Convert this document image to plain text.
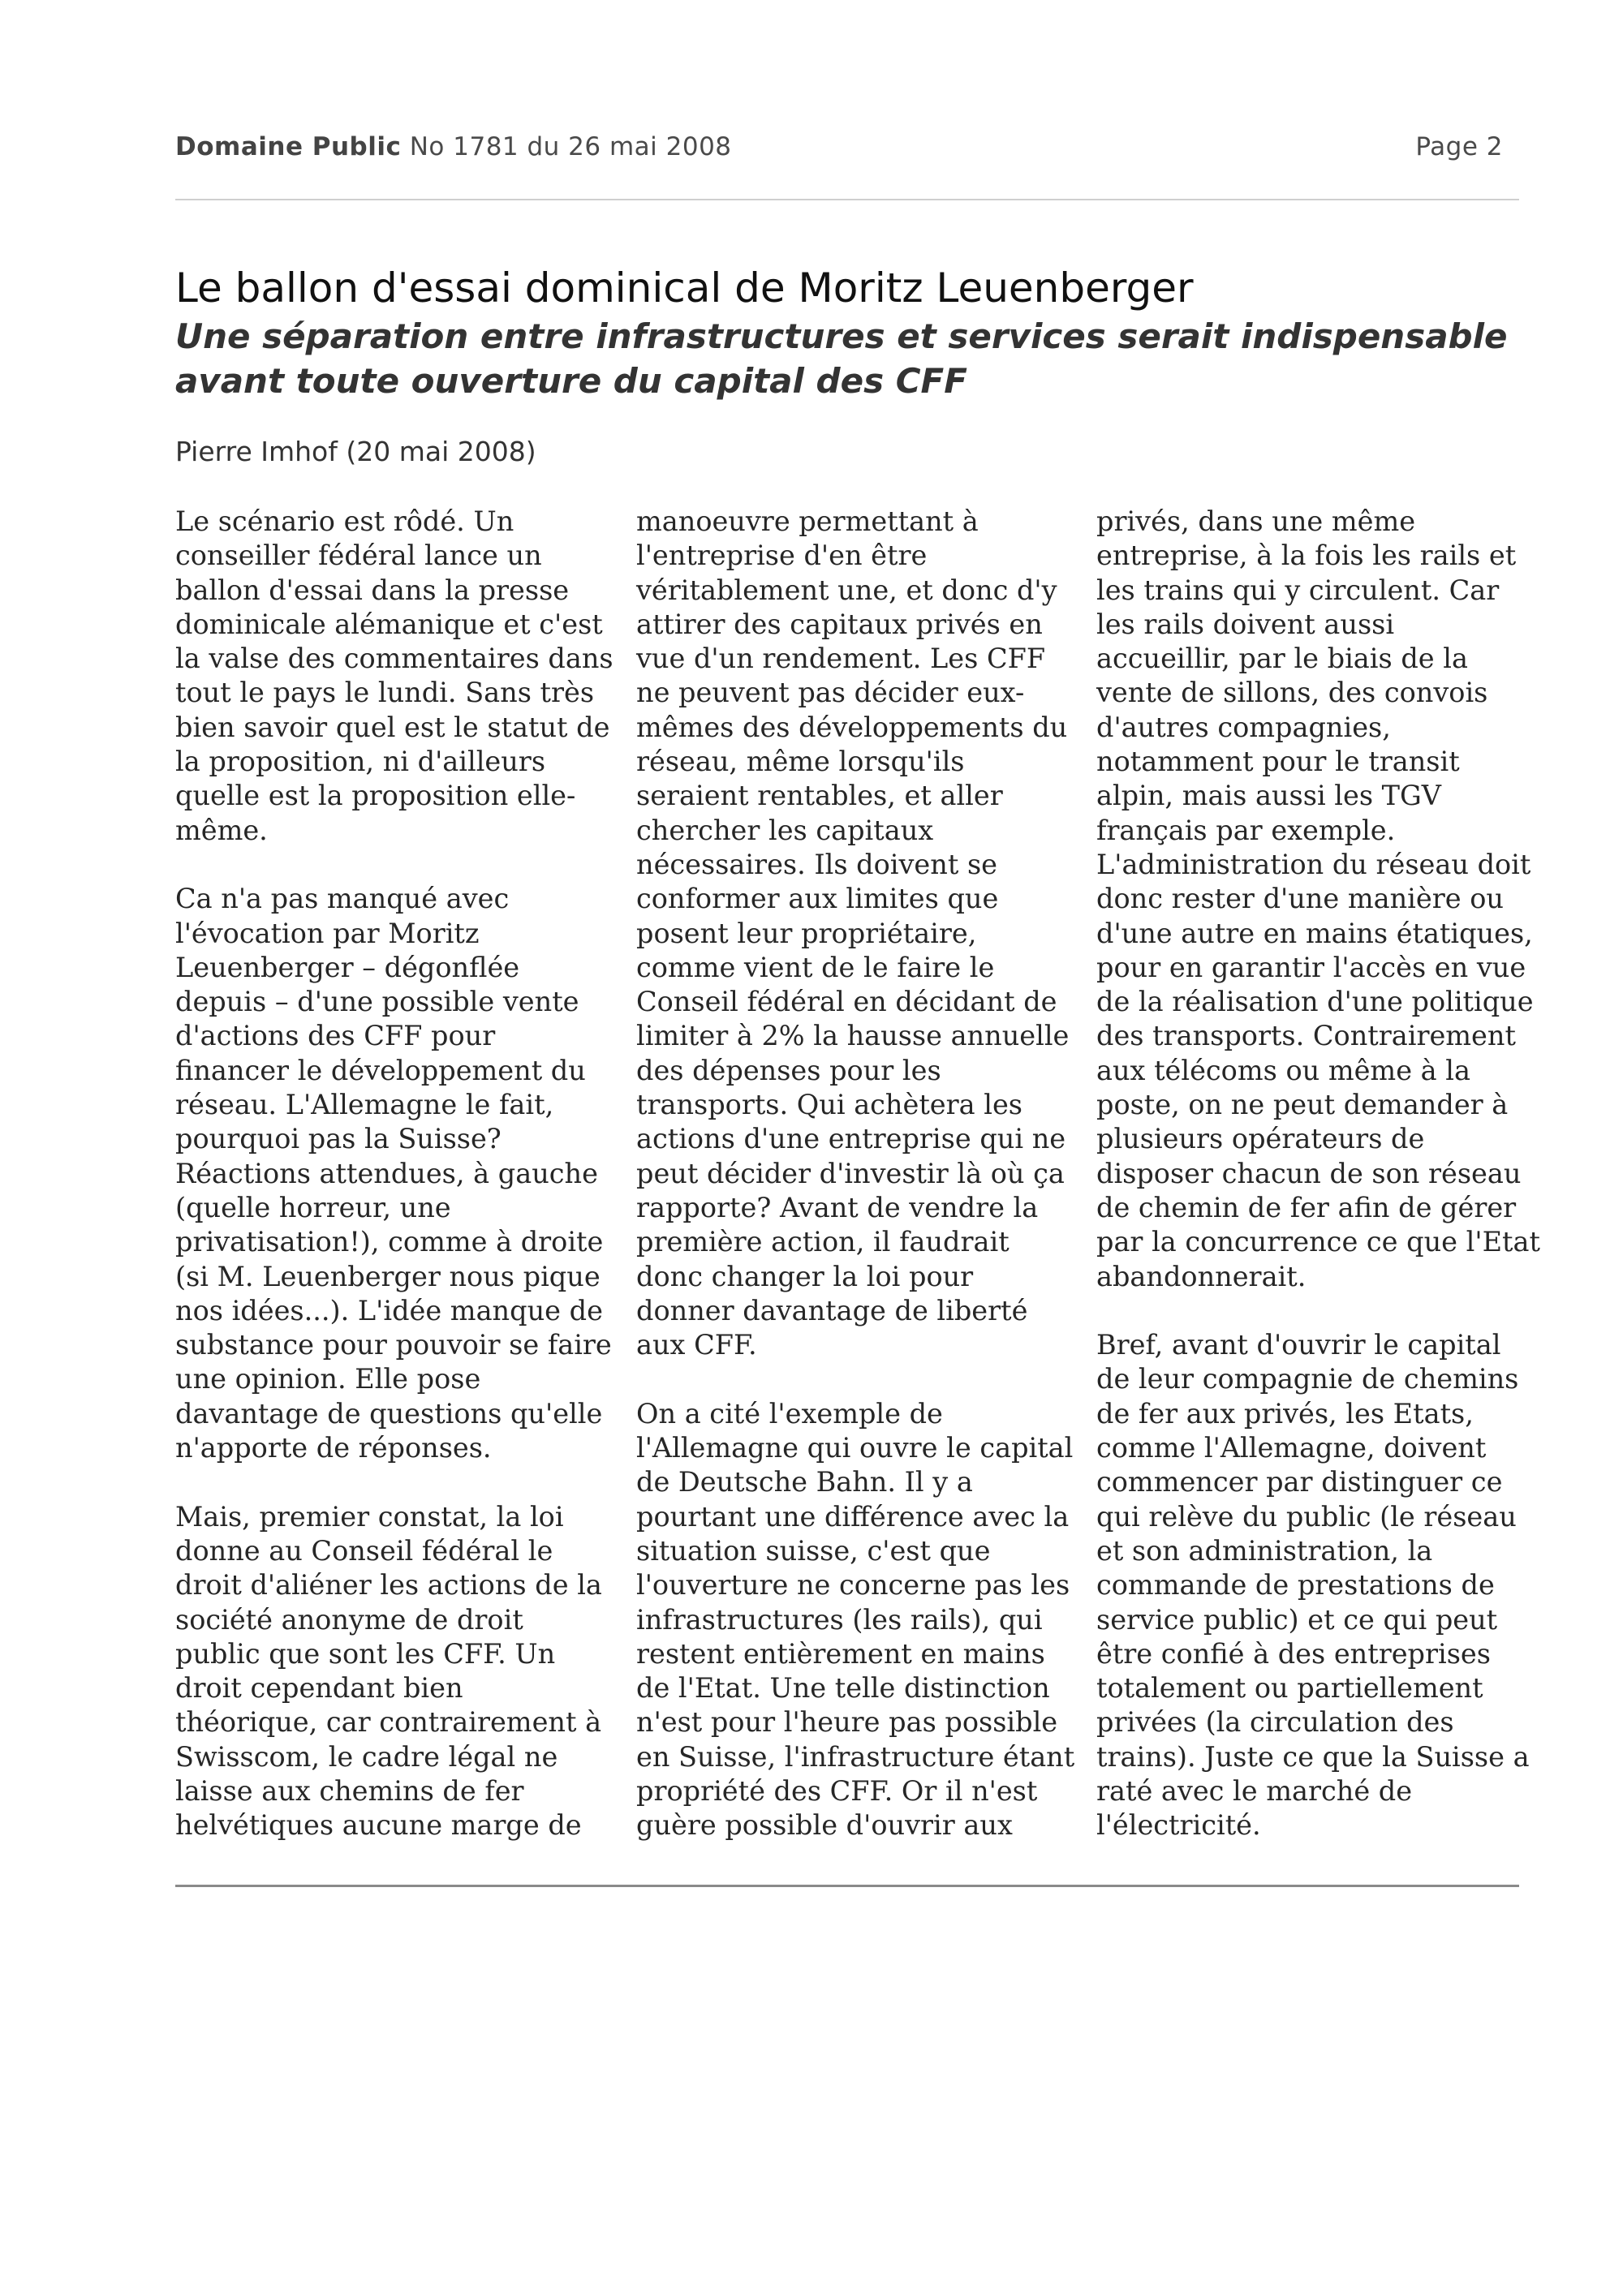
Domaine Public No 1781 du 26 mai 2008	Page 2
Le ballon d'essai dominical de Moritz Leuenberger
Une séparation entre infrastructures et services serait indispensable avant toute ouverture du capital des CFF
Pierre Imhof (20 mai 2008)
Le scénario est rôdé. Un
conseiller fédéral lance un
ballon d'essai dans la presse
dominicale alémanique et c'est
la valse des commentaires dans
tout le pays le lundi. Sans très
bien savoir quel est le statut de
la proposition, ni d'ailleurs
quelle est la proposition elle-
même.
Ca n'a pas manqué avec
l'évocation par Moritz
Leuenberger – dégonflée
depuis – d'une possible vente
d'actions des CFF pour
financer le développement du
réseau. L'Allemagne le fait,
pourquoi pas la Suisse?
Réactions attendues, à gauche
(quelle horreur, une
privatisation!), comme à droite
(si M. Leuenberger nous pique
nos idées...). L'idée manque de
substance pour pouvoir se faire
une opinion. Elle pose
davantage de questions qu'elle
n'apporte de réponses.
Mais, premier constat, la loi
donne au Conseil fédéral le
droit d'aliéner les actions de la
société anonyme de droit
public que sont les CFF. Un
droit cependant bien
théorique, car contrairement à
Swisscom, le cadre légal ne
laisse aux chemins de fer
helvétiques aucune marge de
manoeuvre permettant à
l'entreprise d'en être
véritablement une, et donc d'y
attirer des capitaux privés en
vue d'un rendement. Les CFF
ne peuvent pas décider eux-
mêmes des développements du
réseau, même lorsqu'ils
seraient rentables, et aller
chercher les capitaux
nécessaires. Ils doivent se
conformer aux limites que
posent leur propriétaire,
comme vient de le faire le
Conseil fédéral en décidant de
limiter à 2% la hausse annuelle
des dépenses pour les
transports. Qui achètera les
actions d'une entreprise qui ne
peut décider d'investir là où ça
rapporte? Avant de vendre la
première action, il faudrait
donc changer la loi pour
donner davantage de liberté
aux CFF.
On a cité l'exemple de
l'Allemagne qui ouvre le capital
de Deutsche Bahn. Il y a
pourtant une différence avec la
situation suisse, c'est que
l'ouverture ne concerne pas les
infrastructures (les rails), qui
restent entièrement en mains
de l'Etat. Une telle distinction
n'est pour l'heure pas possible
en Suisse, l'infrastructure étant
propriété des CFF. Or il n'est
guère possible d'ouvrir aux
privés, dans une même
entreprise, à la fois les rails et
les trains qui y circulent. Car
les rails doivent aussi
accueillir, par le biais de la
vente de sillons, des convois
d'autres compagnies,
notamment pour le transit
alpin, mais aussi les TGV
français par exemple.
L'administration du réseau doit
donc rester d'une manière ou
d'une autre en mains étatiques,
pour en garantir l'accès en vue
de la réalisation d'une politique
des transports. Contrairement
aux télécoms ou même à la
poste, on ne peut demander à
plusieurs opérateurs de
disposer chacun de son réseau
de chemin de fer afin de gérer
par la concurrence ce que l'Etat
abandonnerait.
Bref, avant d'ouvrir le capital
de leur compagnie de chemins
de fer aux privés, les Etats,
comme l'Allemagne, doivent
commencer par distinguer ce
qui relève du public (le réseau
et son administration, la
commande de prestations de
service public) et ce qui peut
être confié à des entreprises
totalement ou partiellement
privées (la circulation des
trains). Juste ce que la Suisse a
raté avec le marché de
l'électricité.
